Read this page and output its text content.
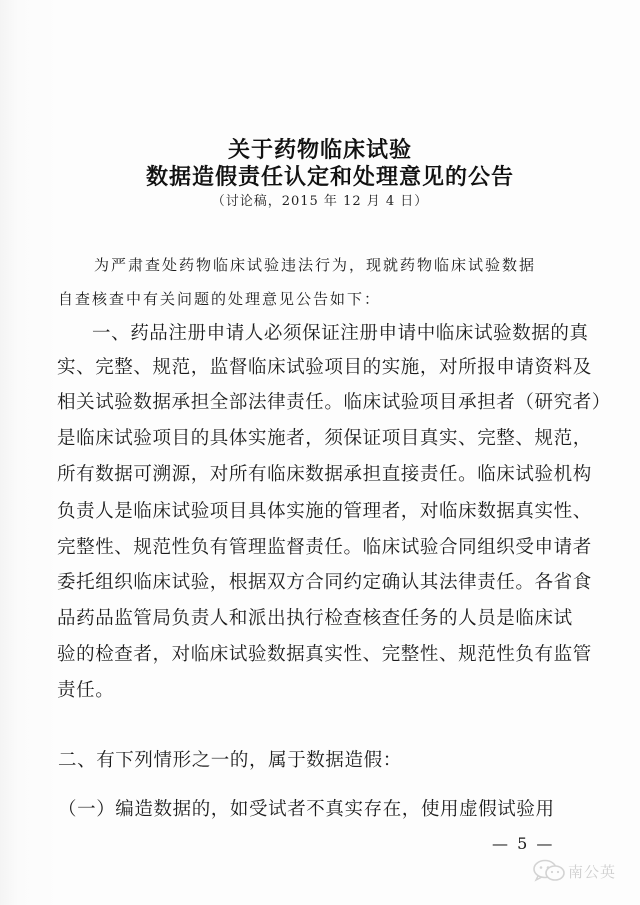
关于药物临床试验
数据造假责任认定和处理意见的公告
（讨论稿，2015 年 12 月 4 日）
为严肃查处药物临床试验违法行为，现就药物临床试验数据
自查核查中有关问题的处理意见公告如下：
一、药品注册申请人必须保证注册申请中临床试验数据的真
实、完整、规范，监督临床试验项目的实施，对所报申请资料及
相关试验数据承担全部法律责任。临床试验项目承担者（研究者）
是临床试验项目的具体实施者，须保证项目真实、完整、规范，
所有数据可溯源，对所有临床数据承担直接责任。临床试验机构
负责人是临床试验项目具体实施的管理者，对临床数据真实性、
完整性、规范性负有管理监督责任。临床试验合同组织受申请者
委托组织临床试验，根据双方合同约定确认其法律责任。各省食
品药品监管局负责人和派出执行检查核查任务的人员是临床试
验的检查者，对临床试验数据真实性、完整性、规范性负有监管
责任。
二、有下列情形之一的，属于数据造假：
（一）编造数据的，如受试者不真实存在，使用虚假试验用
— 5 —
南公英
